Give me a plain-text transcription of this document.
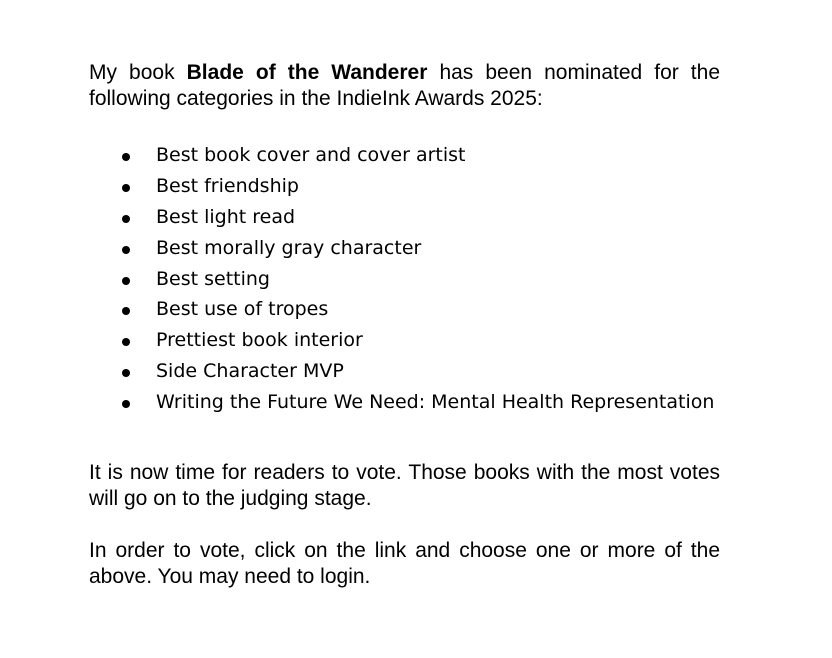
My book Blade of the Wanderer has been nominated for the following categories in the IndieInk Awards 2025:

Best book cover and cover artist
Best friendship
Best light read
Best morally gray character
Best setting
Best use of tropes
Prettiest book interior
Side Character MVP
Writing the Future We Need: Mental Health Representation

It is now time for readers to vote. Those books with the most votes will go on to the judging stage.

In order to vote, click on the link and choose one or more of the above. You may need to login.
